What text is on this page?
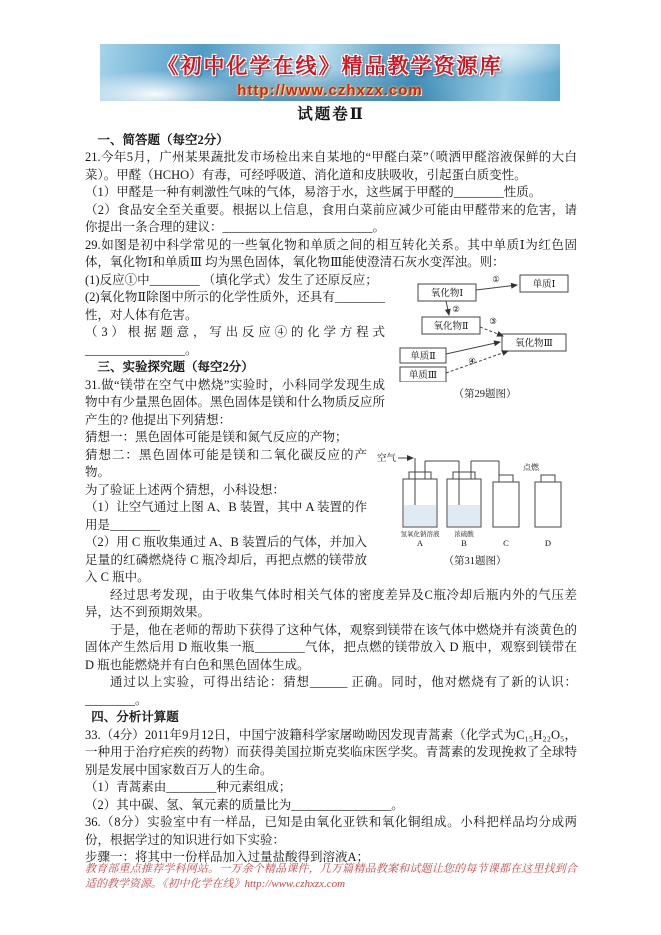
《初中化学在线》精品教学资源库
http://www.czhxzx.com
试题卷Ⅱ

一、简答题（每空2分）

21.今年5月，广州某果蔬批发市场检出来自某地的“甲醛白菜”（喷洒甲醛溶液保鲜的大白菜）。甲醛（HCHO）有毒，可经呼吸道、消化道和皮肤吸收，引起蛋白质变性。

（1）甲醛是一种有刺激性气味的气体，易溶于水，这些属于甲醛的________性质。

（2）食品安全至关重要。根据以上信息，食用白菜前应减少可能由甲醛带来的危害，请你提出一条合理的建议：________________________。

29.如图是初中科学常见的一些氧化物和单质之间的相互转化关系。其中单质Ⅰ为红色固体，氧化物Ⅰ和单质Ⅲ 均为黑色固体，氧化物Ⅲ能使澄清石灰水变浑浊。则：

氧化物Ⅰ
单质Ⅰ
氧化物Ⅱ
氧化物Ⅲ
单质Ⅱ
单质Ⅲ
①
②
③
④
（第29题图）

(1)反应①中________ （填化学式）发生了还原反应；

(2)氧化物Ⅱ除图中所示的化学性质外，还具有________性，对人体有危害。

（3）根据题意，写出反应④的化学方程式________________。

三、实验探究题（每空2分）

31.做“镁带在空气中燃烧”实验时，小科同学发现生成物中有少量黑色固体。黑色固体是镁和什么物质反应所产生的? 他提出下列猜想：

猜想一：黑色固体可能是镁和氮气反应的产物；

空气
点燃
氢氧化钠溶液 浓硫酸
A	B	C	D
（第31题图）

猜想二：黑色固体可能是镁和二氧化碳反应的产物。

为了验证上述两个猜想，小科设想：

（1）让空气通过上图 A、B 装置，其中 A 装置的作用是________

（2）用 C 瓶收集通过 A、B 装置后的气体，并加入足量的红磷燃烧待 C 瓶冷却后，再把点燃的镁带放入 C 瓶中。

经过思考发现，由于收集气体时相关气体的密度差异及C瓶冷却后瓶内外的气压差异，达不到预期效果。

于是，他在老师的帮助下获得了这种气体，观察到镁带在该气体中燃烧并有淡黄色的固体产生然后用 D 瓶收集一瓶________气体，把点燃的镁带放入 D 瓶中，观察到镁带在 D 瓶也能燃烧并有白色和黑色固体生成。

通过以上实验，可得出结论：猜想______ 正确。同时，他对燃烧有了新的认识：________。

四、分析计算题

33.（4分）2011年9月12日，中国宁波籍科学家屠呦呦因发现青蒿素（化学式为C₁₅H₂₂O₅，一种用于治疗疟疾的药物）而获得美国拉斯克奖临床医学奖。青蒿素的发现挽救了全球特别是发展中国家数百万人的生命。

（1）青蒿素由________种元素组成；

（2）其中碳、氢、氧元素的质量比为________________。

36.（8分）实验室中有一样品，已知是由氧化亚铁和氧化铜组成。小科把样品均分成两份，根据学过的知识进行如下实验：

步骤一：将其中一份样品加入过量盐酸得到溶液A；

教育部重点推荐学科网站。一万余个精品课件，几万篇精品教案和试题让您的每节课都在这里找到合适的教学资源。《初中化学在线》http://www.czhxzx.com
